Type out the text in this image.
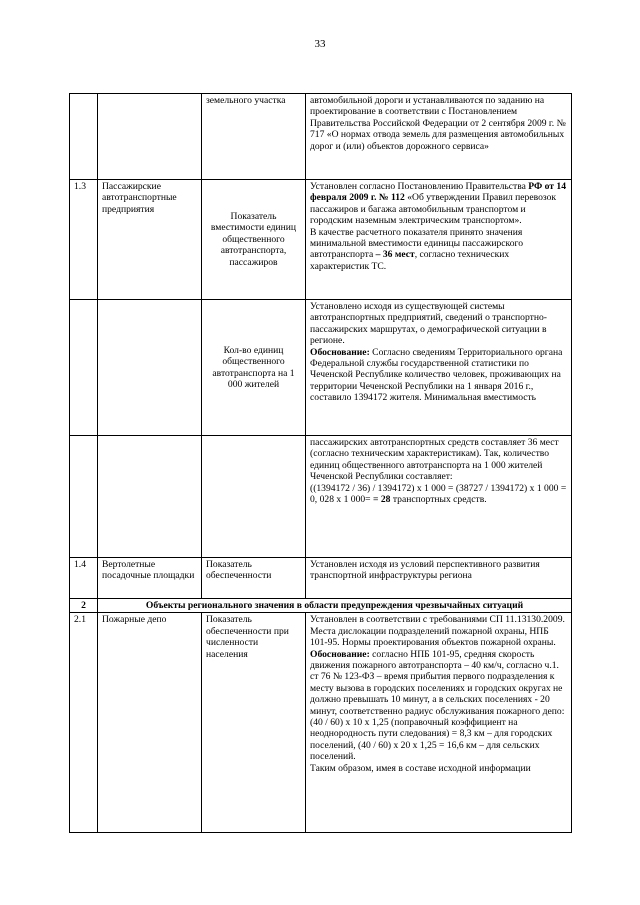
33
		земельного участка	автомобильной дороги и устанавливаются по заданию на проектирование в соответствии с Постановлением Правительства Российской Федерации от 2 сентября 2009 г. № 717 «О нормах отвода земель для размещения автомобильных дорог и (или) объектов дорожного сервиса»

1.3	Пассажирские автотранспортные предприятия	Показатель вместимости единиц общественного автотранспорта, пассажиров	Установлен согласно Постановлению Правительства РФ от 14 февраля 2009 г. № 112 «Об утверждении Правил перевозок пассажиров и багажа автомобильным транспортом и городским наземным электрическим транспортом».
В качестве расчетного показателя принято значения минимальной вместимости единицы пассажирского автотранспорта – 36 мест, согласно технических характеристик ТС.

		Кол-во единиц общественного автотранспорта на 1 000 жителей	Установлено исходя из существующей системы автотранспортных предприятий, сведений о транспортно-пассажирских маршрутах, о демографической ситуации в регионе.
Обоснование: Согласно сведениям Территориального органа Федеральной службы государственной статистики по Чеченской Республике количество человек, проживающих на территории Чеченской Республики на 1 января 2016 г., составило 1394172 жителя. Минимальная вместимость

			пассажирских автотранспортных средств составляет 36 мест (согласно техническим характеристикам). Так, количество единиц общественного автотранспорта на 1 000 жителей Чеченской Республики составляет:
((1394172 / 36) / 1394172) х 1 000 = (38727 / 1394172) х 1 000 = 0, 028 х 1 000= = 28 транспортных средств.

1.4	Вертолетные посадочные площадки	Показатель обеспеченности	Установлен исходя из условий перспективного развития транспортной инфраструктуры региона

2	Объекты регионального значения в области предупреждения чрезвычайных ситуаций		
2.1	Пожарные депо	Показатель обеспеченности при численности населения	Установлен в соответствии с требованиями СП 11.13130.2009. Места дислокации подразделений пожарной охраны, НПБ 101-95. Нормы проектирования объектов пожарной охраны.
Обоснование: согласно НПБ 101-95, средняя скорость движения пожарного автотранспорта – 40 км/ч, согласно ч.1. ст 76 № 123-ФЗ – время прибытия первого подразделения к месту вызова в городских поселениях и городских округах не должно превышать 10 минут, а в сельских поселениях - 20 минут, соответственно радиус обслуживания пожарного депо: (40 / 60) х 10 х 1,25 (поправочный коэффициент на неоднородность пути следования) = 8,3 км – для городских поселений, (40 / 60) х 20 х 1,25 = 16,6 км – для сельских поселений.
Таким образом, имея в составе исходной информации
